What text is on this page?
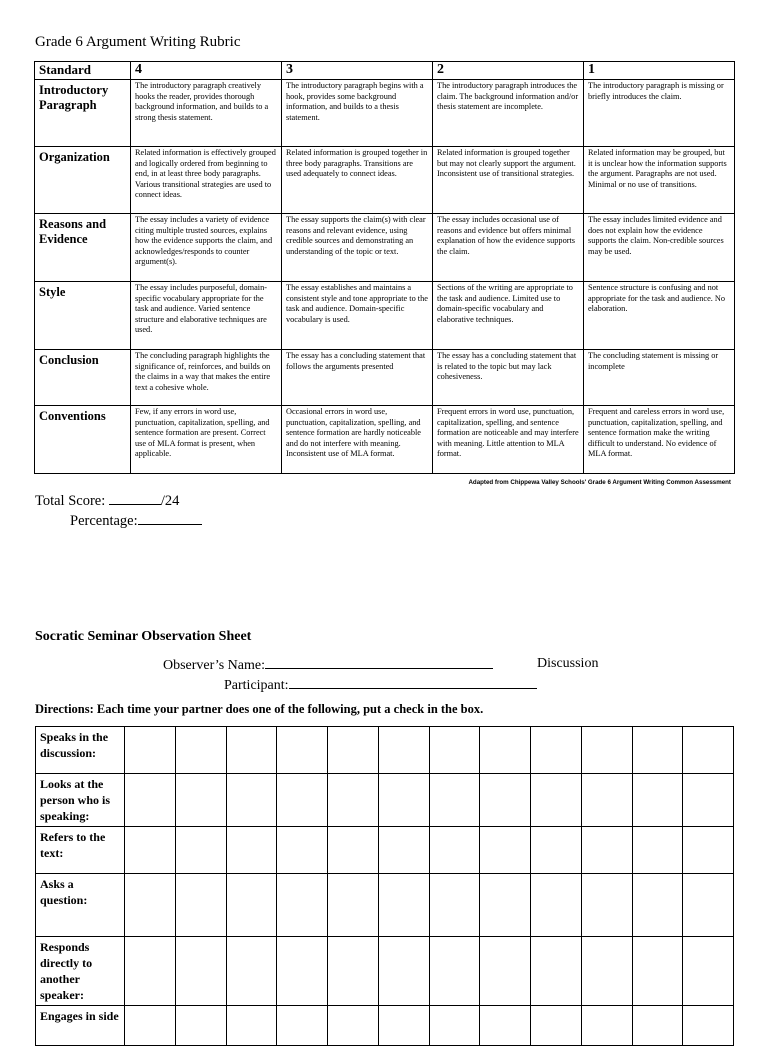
Grade 6 Argument Writing Rubric
Standard	4	3	2	1
Introductory Paragraph	The introductory paragraph creatively hooks the reader, provides thorough background information, and builds to a strong thesis statement.	The introductory paragraph begins with a hook, provides some background information, and builds to a thesis statement.	The introductory paragraph introduces the claim. The background information and/or thesis statement are incomplete.	The introductory paragraph is missing or briefly introduces the claim.
Organization	Related information is effectively grouped and logically ordered from beginning to end, in at least three body paragraphs. Various transitional strategies are used to connect ideas.	Related information is grouped together in three body paragraphs. Transitions are used adequately to connect ideas.	Related information is grouped together but may not clearly support the argument. Inconsistent use of transitional strategies.	Related information may be grouped, but it is unclear how the information supports the argument. Paragraphs are not used. Minimal or no use of transitions.
Reasons and Evidence	The essay includes a variety of evidence citing multiple trusted sources, explains how the evidence supports the claim, and acknowledges/responds to counter argument(s).	The essay supports the claim(s) with clear reasons and relevant evidence, using credible sources and demonstrating an understanding of the topic or text.	The essay includes occasional use of reasons and evidence but offers minimal explanation of how the evidence supports the claim.	The essay includes limited evidence and does not explain how the evidence supports the claim. Non-credible sources may be used.
Style	The essay includes purposeful, domain-specific vocabulary appropriate for the task and audience. Varied sentence structure and elaborative techniques are used.	The essay establishes and maintains a consistent style and tone appropriate to the task and audience. Domain-specific vocabulary is used.	Sections of the writing are appropriate to the task and audience. Limited use to domain-specific vocabulary and elaborative techniques.	Sentence structure is confusing and not appropriate for the task and audience. No elaboration.
Conclusion	The concluding paragraph highlights the significance of, reinforces, and builds on the claims in a way that makes the entire text a cohesive whole.	The essay has a concluding statement that follows the arguments presented	The essay has a concluding statement that is related to the topic but may lack cohesiveness.	The concluding statement is missing or incomplete
Conventions	Few, if any errors in word use, punctuation, capitalization, spelling, and sentence formation are present. Correct use of MLA format is present, when applicable.	Occasional errors in word use, punctuation, capitalization, spelling, and sentence formation are hardly noticeable and do not interfere with meaning. Inconsistent use of MLA format.	Frequent errors in word use, punctuation, capitalization, spelling, and sentence formation are noticeable and may interfere with meaning. Little attention to MLA format.	Frequent and careless errors in word use, punctuation, capitalization, spelling, and sentence formation make the writing difficult to understand. No evidence of MLA format.
Adapted from Chippewa Valley Schools' Grade 6 Argument Writing Common Assessment
Total Score:	/24
Percentage:
Socratic Seminar Observation Sheet
Observer’s Name:	Discussion
Participant:
Directions: Each time your partner does one of the following, put a check in the box.
Speaks in the discussion:												
Looks at the person who is speaking:												
Refers to the text:												
Asks a question:												
Responds directly to another speaker:												
Engages in side												
